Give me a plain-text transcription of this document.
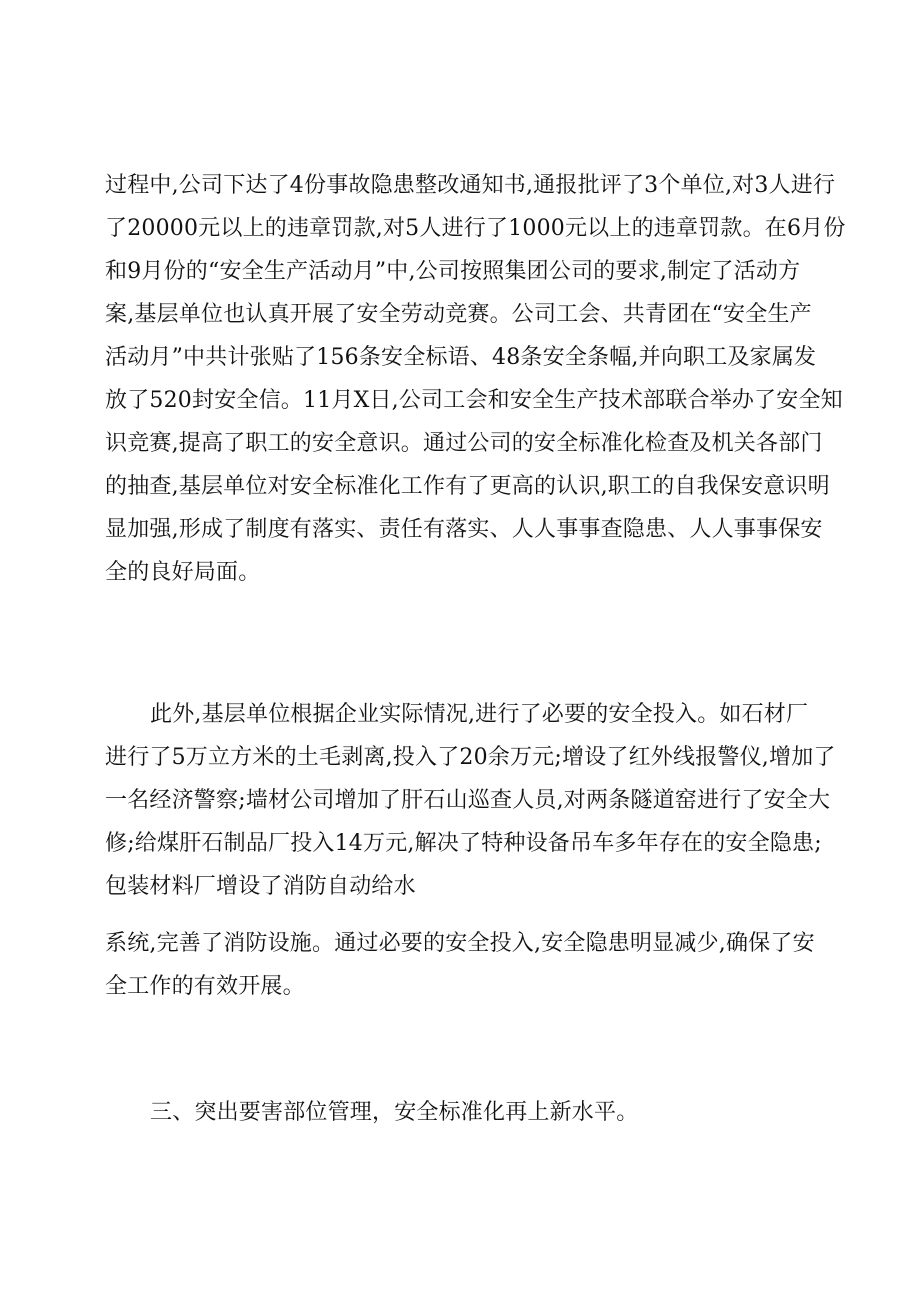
过程中,公司下达了4份事故隐患整改通知书,通报批评了3个单位,对3人进行
了20000元以上的违章罚款,对5人进行了1000元以上的违章罚款。在6月份
和9月份的“安全生产活动月”中,公司按照集团公司的要求,制定了活动方
案,基层单位也认真开展了安全劳动竞赛。公司工会、共青团在“安全生产
活动月”中共计张贴了156条安全标语、48条安全条幅,并向职工及家属发
放了520封安全信。11月X日,公司工会和安全生产技术部联合举办了安全知
识竞赛,提高了职工的安全意识。通过公司的安全标准化检查及机关各部门
的抽查,基层单位对安全标准化工作有了更高的认识,职工的自我保安意识明
显加强,形成了制度有落实、责任有落实、人人事事查隐患、人人事事保安
全的良好局面。
此外,基层单位根据企业实际情况,进行了必要的安全投入。如石材厂
进行了5万立方米的土毛剥离,投入了20余万元;增设了红外线报警仪,增加了
一名经济警察;墙材公司增加了肝石山巡查人员,对两条隧道窑进行了安全大
修;给煤肝石制品厂投入14万元,解决了特种设备吊车多年存在的安全隐患;
包装材料厂增设了消防自动给水
系统,完善了消防设施。通过必要的安全投入,安全隐患明显减少,确保了安
全工作的有效开展。
三、突出要害部位管理，安全标准化再上新水平。
